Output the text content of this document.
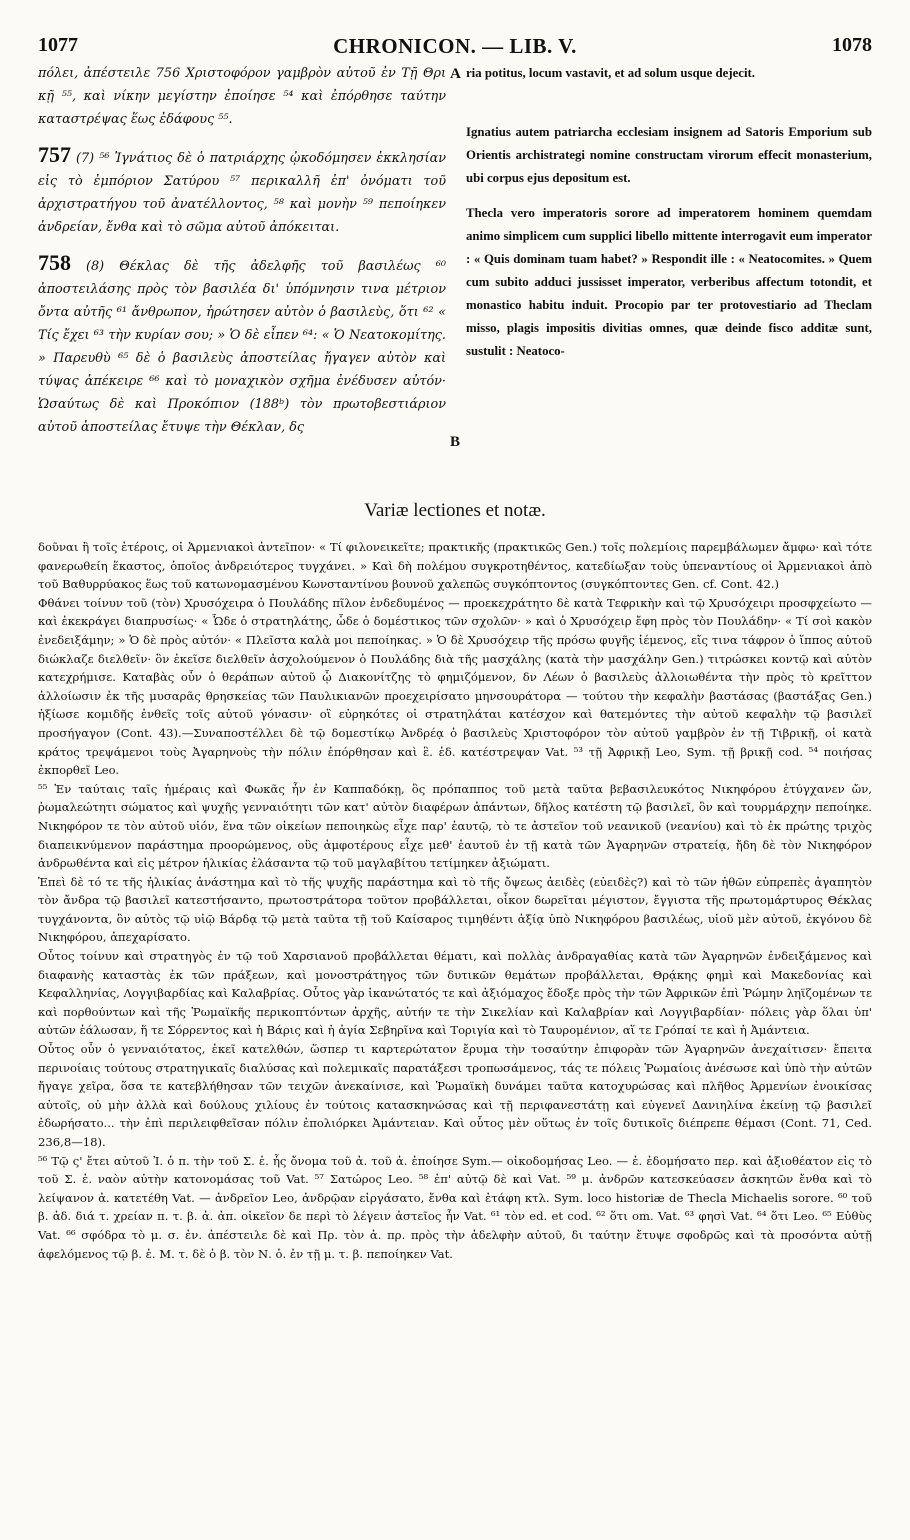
1077	CHRONICON. — LIB. V.	1078

πόλει, ἀπέστειλε 756 Χριστοφόρον γαμβρὸν αὐτοῦ ἐν Τῇ Θρι κῇ ⁵⁵, καὶ νίκην μεγίστην ἐποίησε ⁵⁴ καὶ ἐπόρθησε ταύτην καταστρέψας ἕως ἐδάφους ⁵⁵.

757 (7) ⁵⁶ Ἰγνάτιος δὲ ὁ πατριάρχης ᾠκοδόμησεν ἐκκλησίαν εἰς τὸ ἐμπόριον Σατύρου ⁵⁷ περικαλλῆ ἐπ' ὀνόματι τοῦ ἀρχιστρατήγου τοῦ ἀνατέλλοντος, ⁵⁸ καὶ μονὴν ⁵⁹ πεποίηκεν ἀνδρείαν, ἔνθα καὶ τὸ σῶμα αὐτοῦ ἀπόκειται.

758 (8) Θέκλας δὲ τῆς ἀδελφῆς τοῦ βασιλέως ⁶⁰ ἀποστειλάσης πρὸς τὸν βασιλέα δι' ὑπόμνησιν τινα μέτριον ὄντα αὐτῆς ⁶¹ ἄνθρωπον, ἠρώτησεν αὐτὸν ὁ βασιλεὺς, ὅτι ⁶² « Τίς ἔχει ⁶³ τὴν κυρίαν σου; » Ὁ δὲ εἶπεν ⁶⁴: « Ὁ Νεατοκομίτης. » Παρευθὺ ⁶⁵ δὲ ὁ βασιλεὺς ἀποστείλας ἤγαγεν αὐτὸν καὶ τύψας ἀπέκειρε ⁶⁶ καὶ τὸ μοναχικὸν σχῆμα ἐνέδυσεν αὐτόν· Ὡσαύτως δὲ καὶ Προκόπιον (188ᵇ) τὸν πρωτοβεστιάριον αὐτοῦ ἀποστείλας ἔτυψε τὴν Θέκλαν, δς

A
B

ria potitus, locum vastavit, et ad solum usque dejecit.

Ignatius autem patriarcha ecclesiam insignem ad Satoris Emporium sub Orientis archistrategi nomine constructam virorum effecit monasterium, ubi corpus ejus depositum est.

Thecla vero imperatoris sorore ad imperatorem hominem quemdam animo simplicem cum supplici libello mittente interrogavit eum imperator : « Quis dominam tuam habet? » Respondit ille : « Neatocomites. » Quem cum subito adduci jussisset imperator, verberibus affectum totondit, et monastico habitu induit. Procopio par ter protovestiario ad Theclam misso, plagis impositis divitias omnes, quæ deinde fisco additæ sunt, sustulit : Neatoco-

Variæ lectiones et notæ.

δοῦναι ἢ τοῖς ἑτέροις, οἱ Ἀρμενιακοὶ ἀντεῖπον· « Τί φιλονεικεῖτε; πρακτικῆς (πρακτικῶς Gen.) τοῖς πολεμίοις παρεμβάλωμεν ἄμφω· καὶ τότε φανερωθείη ἕκαστος, ὁποῖος ἀνδρειότερος τυγχάνει. » Καὶ δὴ πολέμου συγκροτηθέντος, κατεδίωξαν τοὺς ὑπεναντίους οἱ Ἀρμενιακοὶ ἀπὸ τοῦ Βαθυρρύακος ἕως τοῦ κατωνομασμένου Κωνσταντίνου βουνοῦ χαλεπῶς συγκόπτοντος (συγκόπτοντες Gen. cf. Cont. 42.)

Φθάνει τοίνυν τοῦ (τὸν) Χρυσόχειρα ὁ Πουλάδης πῖλον ἐνδεδυμένος — προεκεχράτητο δὲ κατὰ Τεφρικὴν καὶ τῷ Χρυσόχειρι προσφχείωτο — καὶ ἐκεκράγει διαπρυσίως· « Ὧδε ὁ στρατηλάτης, ὧδε ὁ δομέστικος τῶν σχολῶν· » καὶ ὁ Χρυσόχειρ ἔφη πρὸς τὸν Πουλάδην· « Τί σοὶ κακὸν ἐνεδειξάμην; » Ὁ δὲ πρὸς αὐτόν· « Πλεῖστα καλὰ μοι πεποίηκας. » Ὁ δὲ Χρυσόχειρ τῆς πρόσω φυγῆς ἱέμενος, εἴς τινα τάφρον ὁ ἵππος αὐτοῦ διώκλαζε διελθεῖν· ὃν ἐκεῖσε διελθεῖν ἀσχολούμενον ὁ Πουλάδης διὰ τῆς μασχάλης (κατὰ τὴν μασχάλην Gen.) τιτρώσκει κοντῷ καὶ αὐτὸν κατεχρήμισε. Καταβὰς οὖν ὁ θεράπων αὐτοῦ ᾧ Διακονίτζης τὸ φημιζόμενον, δν Λέων ὁ βασιλεὺς ἀλλοιωθέντα τὴν πρὸς τὸ κρεῖττον ἀλλοίωσιν ἐκ τῆς μυσαρᾶς θρησκείας τῶν Παυλικιανῶν προεχειρίσατο μηνσουράτορα — τούτου τὴν κεφαλὴν βαστάσας (βαστάξας Gen.) ἠξίωσε κομιδῆς ἐνθεῖς τοῖς αὐτοῦ γόνασιν· οἳ εὐρηκότες οἱ στρατηλάται κατέσχον καὶ θατεμόντες τὴν αὐτοῦ κεφαλὴν τῷ βασιλεῖ προσήγαγον (Cont. 43).—Συναποστέλλει δὲ τῷ δομεστίκῳ Ἀνδρέᾳ ὁ βασιλεὺς Χριστοφόρον τὸν αὐτοῦ γαμβρὸν ἐν τῇ Τιβρικῇ, οἱ κατὰ κράτος τρεψάμενοι τοὺς Ἀγαρηνοὺς τὴν πόλιν ἐπόρθησαν καὶ ἓ. ἐδ. κατέστρεψαν Vat. ⁵³ τῇ Ἀφρικῇ Leo, Sym. τῇ βρικῇ cod. ⁵⁴ ποιήσας ἐκπορθεῖ Leo.

⁵⁵ Ἐν ταύταις ταῖς ἡμέραις καὶ Φωκᾶς ἦν ἐν Καππαδόκῃ, ὃς πρόπαππος τοῦ μετὰ ταῦτα βεβασιλευκότος Νικηφόρου ἐτύγχανεν ὤν, ῥωμαλεώτητι σώματος καὶ ψυχῆς γενναιότητι τῶν κατ' αὐτὸν διαφέρων ἁπάντων, δῆλος κατέστη τῷ βασιλεῖ, ὃν καὶ τουρμάρχην πεποίηκε. Νικηφόρον τε τὸν αὐτοῦ υἱόν, ἕνα τῶν οἰκείων πεποιηκὼς εἶχε παρ' ἑαυτῷ, τὸ τε ἀστεῖον τοῦ νεανικοῦ (νεανίου) καὶ τὸ ἐκ πρώτης τριχὸς διαπεικνύμενον παράστημα προορώμενος, οὓς ἀμφοτέρους εἶχε μεθ' ἑαυτοῦ ἐν τῇ κατὰ τῶν Ἀγαρηνῶν στρατείᾳ, ἤδη δὲ τὸν Νικηφόρον ἀνδρωθέντα καὶ εἰς μέτρον ἡλικίας ἐλάσαντα τῷ τοῦ μαγλαβίτου τετίμηκεν ἀξιώματι.

Ἐπεὶ δὲ τό τε τῆς ἡλικίας ἀνάστημα καὶ τὸ τῆς ψυχῆς παράστημα καὶ τὸ τῆς ὄψεως ἀειδὲς (εὐειδὲς?) καὶ τὸ τῶν ἠθῶν εὐπρεπὲς ἀγαπητὸν τὸν ἄνδρα τῷ βασιλεῖ κατεστήσαντο, πρωτοστράτορα τοῦτον προβάλλεται, οἶκον δωρεῖται μέγιστον, ἔγγιστα τῆς πρωτομάρτυρος Θέκλας τυγχάνοντα, ὃν αὐτὸς τῷ υἱῷ Βάρδᾳ τῷ μετὰ ταῦτα τῇ τοῦ Καίσαρος τιμηθέντι ἀξίᾳ ὑπὸ Νικηφόρου βασιλέως, υἱοῦ μὲν αὐτοῦ, ἐκγόνου δὲ Νικηφόρου, ἀπεχαρίσατο.

Οὗτος τοίνυν καὶ στρατηγὸς ἐν τῷ τοῦ Χαρσιανοῦ προβάλλεται θέματι, καὶ πολλὰς ἀνδραγαθίας κατὰ τῶν Ἀγαρηνῶν ἐνδειξάμενος καὶ διαφανὴς καταστὰς ἐκ τῶν πράξεων, καὶ μονοστράτηγος τῶν δυτικῶν θεμάτων προβάλλεται, Θρᾴκης φημὶ καὶ Μακεδονίας καὶ Κεφαλληνίας, Λογγιβαρδίας καὶ Καλαβρίας. Οὗτος γὰρ ἱκανώτατός τε καὶ ἀξιόμαχος ἔδοξε πρὸς τὴν τῶν Ἀφρικῶν ἐπὶ Ῥώμην ληϊζομένων τε καὶ πορθούντων καὶ τῆς Ῥωμαϊκῆς περικοπτόντων ἀρχῆς, αὐτήν τε τὴν Σικελίαν καὶ Καλαβρίαν καὶ Λογγιβαρδίαν· πόλεις γὰρ ὅλαι ὑπ' αὐτῶν ἑάλωσαν, ἥ τε Σόρρεντος καὶ ἡ Βάρις καὶ ἡ ἁγία Σεβηρῖνα καὶ Τοριγία καὶ τὸ Ταυρομένιον, αἵ τε Γρόπαί τε καὶ ἡ Ἀμάντεια.

Οὗτος οὖν ὁ γενναιότατος, ἐκεῖ κατελθών, ὥσπερ τι καρτερώτατον ἔρυμα τὴν τοσαύτην ἐπιφορὰν τῶν Ἀγαρηνῶν ἀνεχαίτισεν· ἔπειτα περινοίαις τούτους στρατηγικαῖς διαλύσας καὶ πολεμικαῖς παρατάξεσι τροπωσάμενος, τάς τε πόλεις Ῥωμαίοις ἀνέσωσε καὶ ὑπὸ τὴν αὐτῶν ἤγαγε χεῖρα, ὅσα τε κατεβλήθησαν τῶν τειχῶν ἀνεκαίνισε, καὶ Ῥωμαϊκὴ δυνάμει ταῦτα κατοχυρώσας καὶ πλῆθος Ἀρμενίων ἐνοικίσας αὐτοῖς, οὐ μὴν ἀλλὰ καὶ δούλους χιλίους ἐν τούτοις κατασκηνώσας καὶ τῇ περιφανεστάτῃ καὶ εὐγενεῖ Δανιηλίνα ἐκείνῃ τῷ βασιλεῖ ἐδωρήσατο... τὴν ἐπὶ περιλειφθεῖσαν πόλιν ἐπολιόρκει Ἀμάντειαν. Καὶ οὗτος μὲν οὕτως ἐν τοῖς δυτικοῖς διέπρεπε θέμασι (Cont. 71, Ced. 236,8—18).

⁵⁶ Τῷ ς' ἔτει αὐτοῦ Ἰ. ὁ π. τὴν τοῦ Σ. ἐ. ἧς ὄνομα τοῦ ἀ. τοῦ ἀ. ἐποίησε Sym.— οἰκοδομήσας Leo. — ἐ. ἐδομήσατο περ. καὶ ἀξιοθέατον εἰς τὸ τοῦ Σ. ἐ. ναὸν αὐτὴν κατονομάσας τοῦ Vat. ⁵⁷ Σατώρος Leo. ⁵⁸ ἐπ' αὐτῷ δὲ καὶ Vat. ⁵⁹ μ. ἀνδρῶν κατεσκεύασεν ἀσκητῶν ἔνθα καὶ τὸ λείψανον ἀ. κατετέθη Vat. — ἀνδρεῖον Leo, ἀνδρῷαν εἰργάσατο, ἔνθα καὶ ἐτάφη κτλ. Sym. loco historiæ de Thecla Michaelis sorore. ⁶⁰ τοῦ β. ἀδ. διά τ. χρείαν π. τ. β. ἀ. ἀπ. οἰκεῖον δε περὶ τὸ λέγειν ἀστεῖος ἦν Vat. ⁶¹ τὸν ed. et cod. ⁶² ὅτι om. Vat. ⁶³ φησὶ Vat. ⁶⁴ ὅτι Leo. ⁶⁵ Εὐθὺς Vat. ⁶⁶ σφόδρα τὸ μ. σ. ἐν. ἀπέστειλε δὲ καὶ Πρ. τὸν ἀ. πρ. πρὸς τὴν ἀδελφὴν αὐτοῦ, δι ταύτην ἔτυψε σφοδρῶς καὶ τὰ προσόντα αὐτῇ ἀφελόμενος τῷ β. ἐ. Μ. τ. δὲ ὁ β. τὸν Ν. ὁ. ἐν τῇ μ. τ. β. πεποίηκεν Vat.
